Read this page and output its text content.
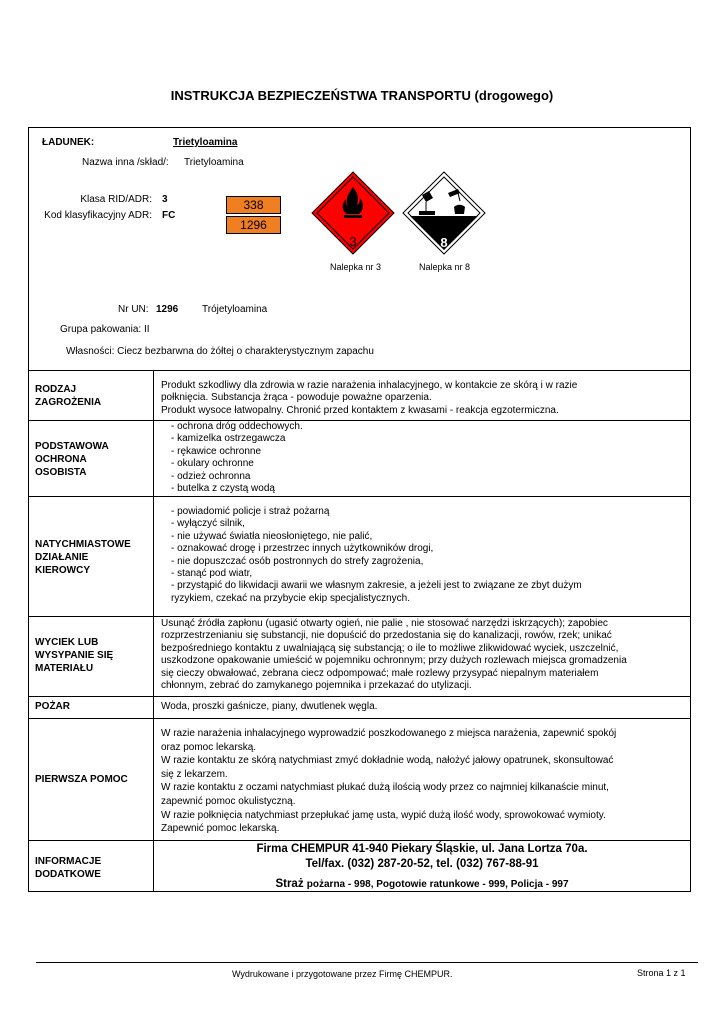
INSTRUKCJA BEZPIECZEŃSTWA TRANSPORTU (drogowego)
ŁADUNEK:	Trietyloamina
Nazwa inna /skład/: Trietyloamina
Klasa RID/ADR: 3
Kod klasyfikacyjny ADR: FC
338
1296
3
Nalepka nr 3
8
Nalepka nr 8
Nr UN: 1296 Trójetyloamina
Grupa pakowania: II
Własności: Ciecz bezbarwna do żółtej o charakterystycznym zapachu
RODZAJ
ZAGROŻENIA
Produkt szkodliwy dla zdrowia w razie narażenia inhalacyjnego, w kontakcie ze skórą i w razie
połknięcia. Substancja żrąca - powoduje poważne oparzenia.
Produkt wysoce łatwopalny. Chronić przed kontaktem z kwasami - reakcja egzotermiczna.
PODSTAWOWA
OCHRONA
OSOBISTA
- ochrona dróg oddechowych.
- kamizelka ostrzegawcza
- rękawice ochronne
- okulary ochronne
- odzież ochronna
- butelka z czystą wodą
NATYCHMIASTOWE
DZIAŁANIE
KIEROWCY
- powiadomić policje i straż pożarną
- wyłączyć silnik,
- nie używać światła nieosłoniętego, nie palić,
- oznakować drogę i przestrzec innych użytkowników drogi,
- nie dopuszczać osób postronnych do strefy zagrożenia,
- stanąć pod wiatr,
- przystąpić do likwidacji awarii we własnym zakresie, a jeżeli jest to związane ze zbyt dużym
ryzykiem, czekać na przybycie ekip specjalistycznych.
WYCIEK LUB
WYSYPANIE SIĘ
MATERIAŁU
Usunąć źródła zapłonu (ugasić otwarty ogień, nie palie , nie stosować narzędzi iskrzących); zapobiec
rozprzestrzenianiu się substancji, nie dopuścić do przedostania się do kanalizacji, rowów, rzek; unikać
bezpośredniego kontaktu z uwalniającą się substancją; o ile to możliwe zlikwidować wyciek, uszczelnić,
uszkodzone opakowanie umieścić w pojemniku ochronnym; przy dużych rozlewach miejsca gromadzenia
się cieczy obwałować, zebrana ciecz odpompować; małe rozlewy przysypać niepalnym materiałem
chłonnym, zebrać do zamykanego pojemnika i przekazać do utylizacji.
POŻAR	Woda, proszki gaśnicze, piany, dwutlenek węgla.
PIERWSZA POMOC
W razie narażenia inhalacyjnego wyprowadzić poszkodowanego z miejsca narażenia, zapewnić spokój
oraz pomoc lekarską.
W razie kontaktu ze skórą natychmiast zmyć dokładnie wodą, nałożyć jałowy opatrunek, skonsultować
się z lekarzem.
W razie kontaktu z oczami natychmiast płukać dużą ilością wody przez co najmniej kilkanaście minut,
zapewnić pomoc okulistyczną.
W razie połknięcia natychmiast przepłukać jamę usta, wypić dużą ilość wody, sprowokować wymioty.
Zapewnić pomoc lekarską.
INFORMACJE
DODATKOWE
Firma CHEMPUR 41-940 Piekary Śląskie, ul. Jana Lortza 70a.
Tel/fax. (032) 287-20-52, tel. (032) 767-88-91
Straż pożarna - 998, Pogotowie ratunkowe - 999, Policja - 997
Wydrukowane i przygotowane przez Firmę CHEMPUR.	Strona 1 z 1
